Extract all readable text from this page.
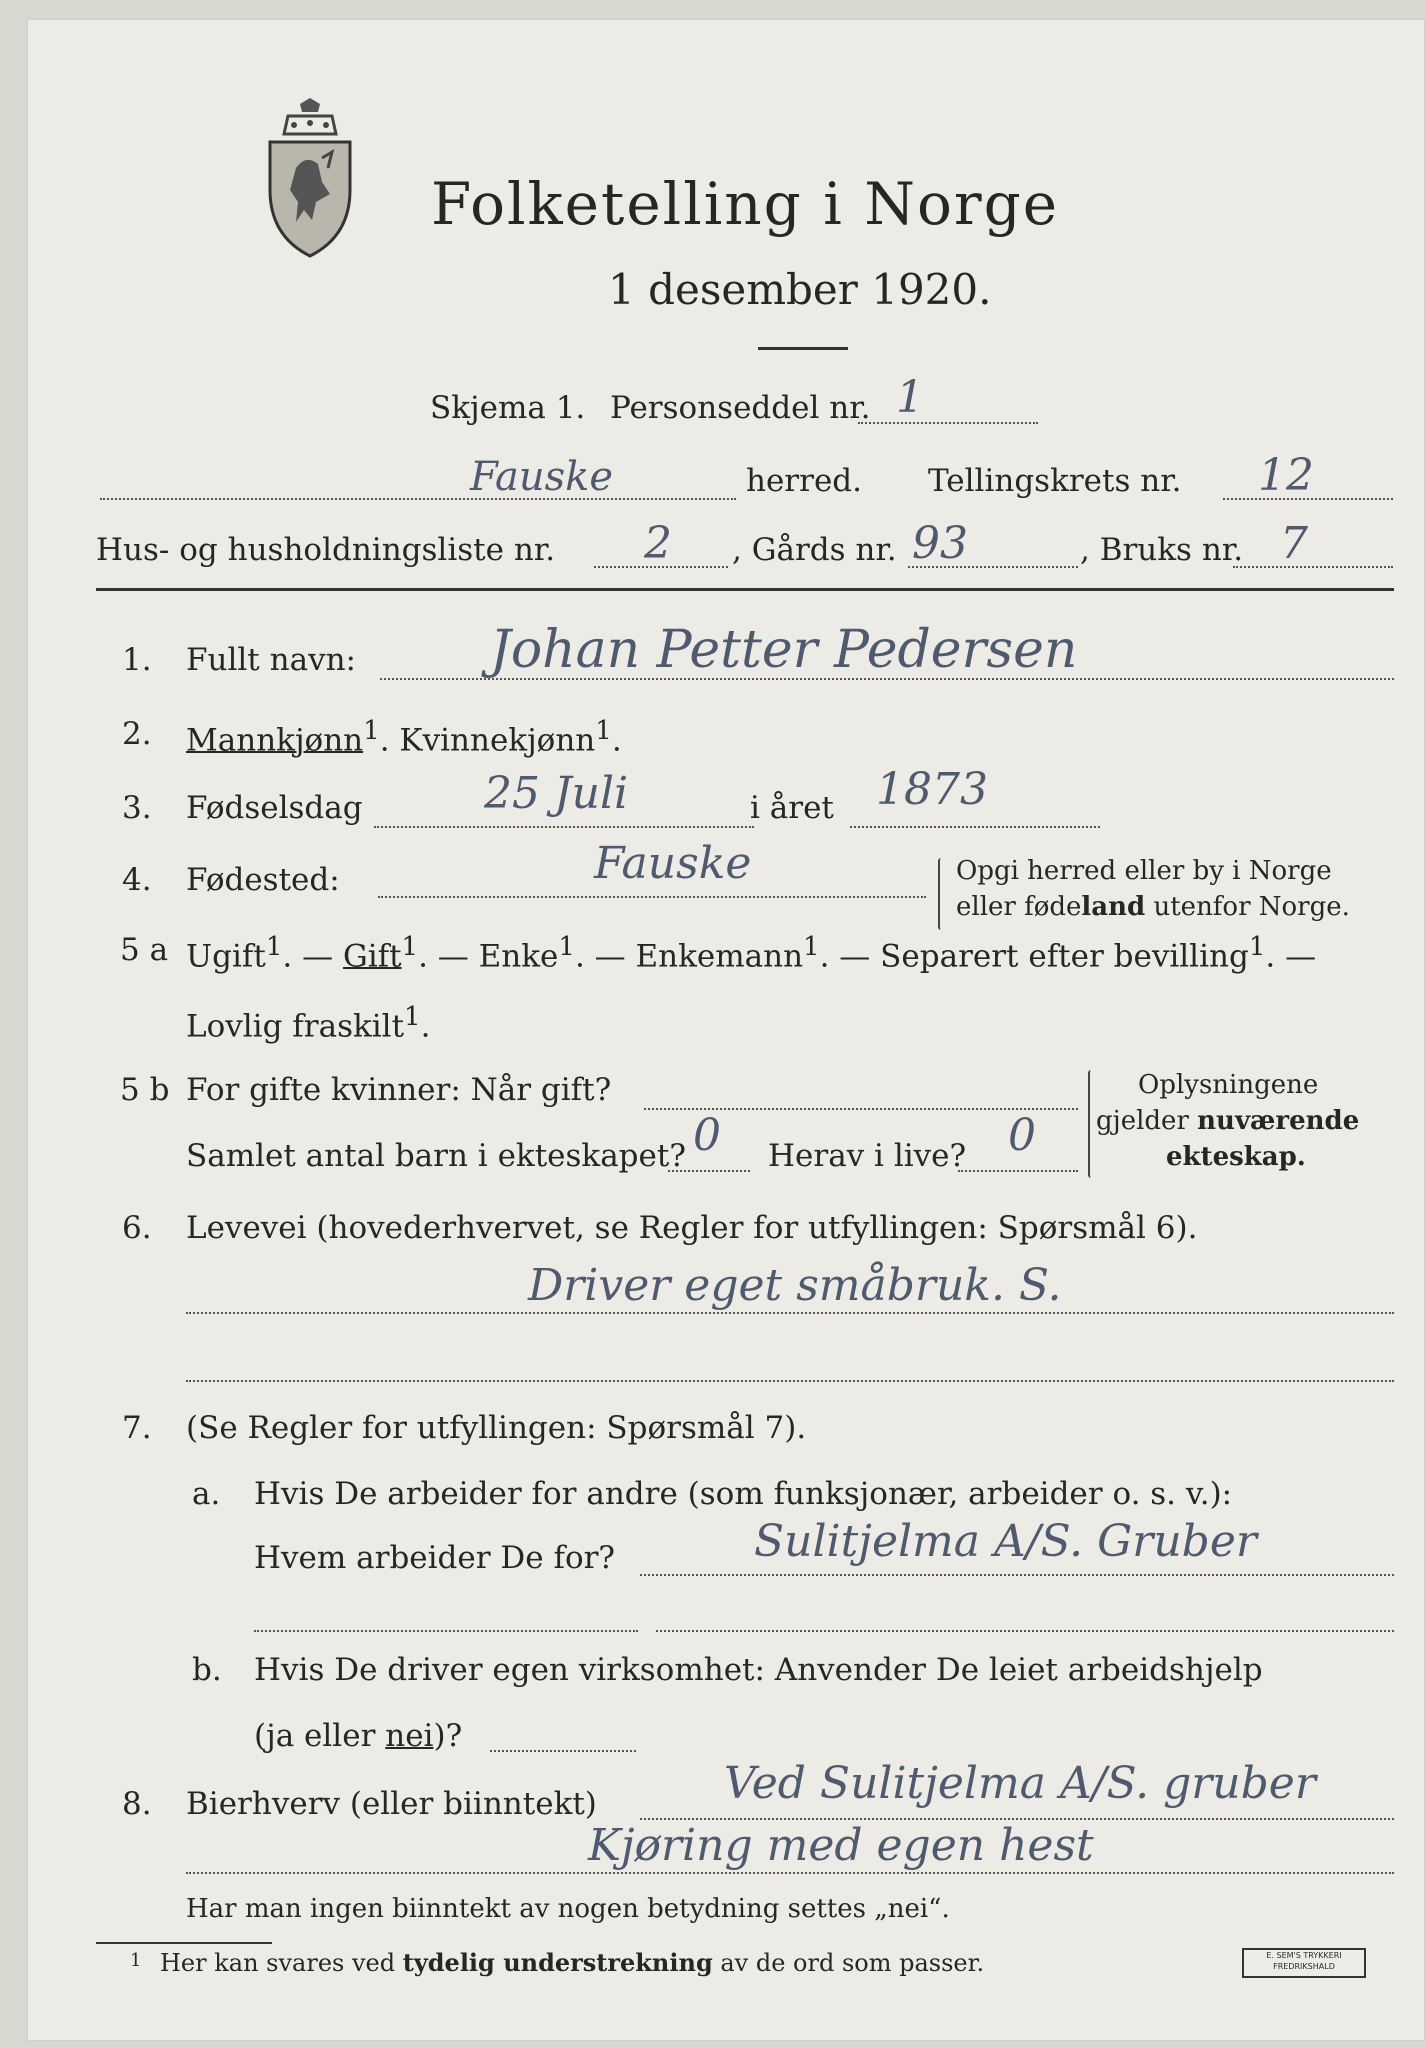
Folketelling i Norge
1 desember 1920.
Skjema 1. Personseddel nr. 1
Fauske	herred. Tellingskrets nr. 12
Hus- og husholdningsliste nr. 2 , Gårds nr. 93	, Bruks nr. 7
1. Fullt navn:	Johan Petter Pedersen
2. Mannkjønn$^1$. Kvinnekjønn$^1$.
3. Fødselsdag	25 Juli	i året 1873
4. Fødested:	Fauske	Opgi herred eller by i Norge
eller fødeland utenfor Norge.
5 a Ugift$^1$. — Gift$^1$. — Enke$^1$. — Enkemann$^1$. — Separert efter bevilling$^1$. —
Lovlig fraskilt$^1$.
5 b For gifte kvinner: Når gift?
Samlet antal barn i ekteskapet? 0 Herav i live? 0
Oplysningene
gjelder nuværende
ekteskap.
6. Levevei (hovederhvervet, se Regler for utfyllingen: Spørsmål 6).
Driver eget småbruk. S.
7. (Se Regler for utfyllingen: Spørsmål 7).
a. Hvis De arbeider for andre (som funksjonær, arbeider o. s. v.):
Hvem arbeider De for?	Sulitjelma A/S. Gruber
b. Hvis De driver egen virksomhet: Anvender De leiet arbeidshjelp
(ja eller nei)?
8. Bierhverv (eller biinntekt)	Ved Sulitjelma A/S. gruber
Kjøring med egen hest
Har man ingen biinntekt av nogen betydning settes „nei“.
1 Her kan svares ved tydelig understrekning av de ord som passer.	E. SEM'S TRYKKERI FREDRIKSHALD
